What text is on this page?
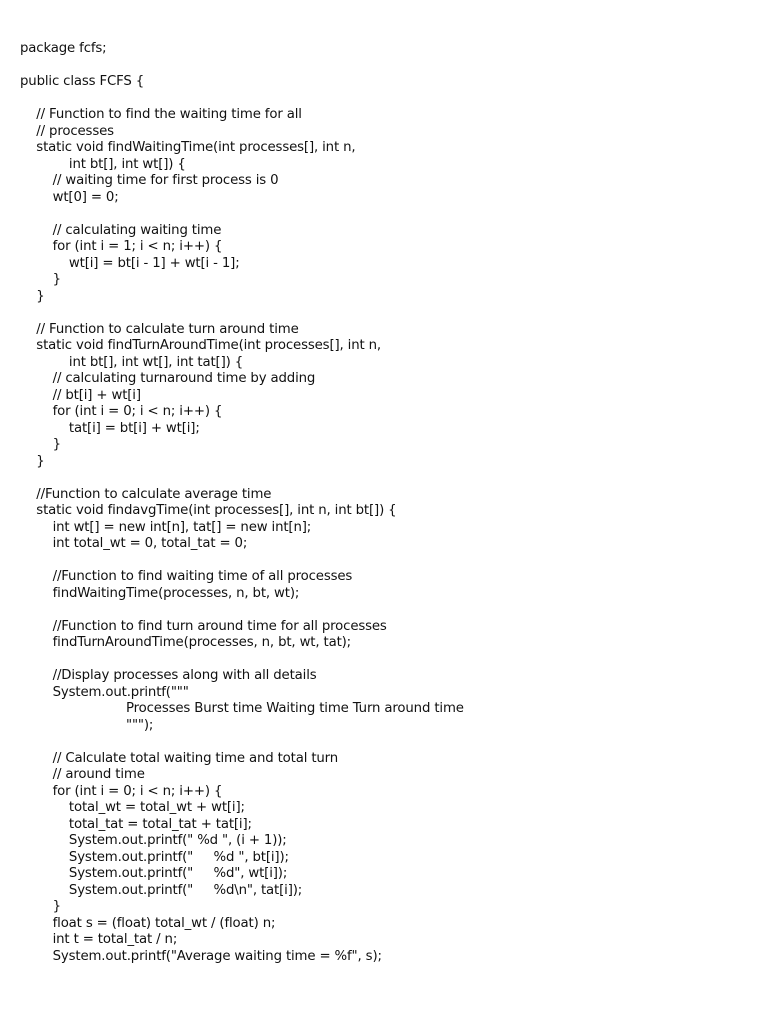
package fcfs;
public class FCFS {
// Function to find the waiting time for all
// processes
static void findWaitingTime(int processes[], int n,
int bt[], int wt[]) {
// waiting time for first process is 0
wt[0] = 0;
// calculating waiting time
for (int i = 1; i < n; i++) {
wt[i] = bt[i - 1] + wt[i - 1];
}
}
// Function to calculate turn around time
static void findTurnAroundTime(int processes[], int n,
int bt[], int wt[], int tat[]) {
// calculating turnaround time by adding
// bt[i] + wt[i]
for (int i = 0; i < n; i++) {
tat[i] = bt[i] + wt[i];
}
}
//Function to calculate average time
static void findavgTime(int processes[], int n, int bt[]) {
int wt[] = new int[n], tat[] = new int[n];
int total_wt = 0, total_tat = 0;
//Function to find waiting time of all processes
findWaitingTime(processes, n, bt, wt);
//Function to find turn around time for all processes
findTurnAroundTime(processes, n, bt, wt, tat);
//Display processes along with all details
System.out.printf("""
Processes Burst time Waiting time Turn around time
""");
// Calculate total waiting time and total turn
// around time
for (int i = 0; i < n; i++) {
total_wt = total_wt + wt[i];
total_tat = total_tat + tat[i];
System.out.printf(" %d ", (i + 1));
System.out.printf("     %d ", bt[i]);
System.out.printf("     %d", wt[i]);
System.out.printf("     %d\n", tat[i]);
}
float s = (float) total_wt / (float) n;
int t = total_tat / n;
System.out.printf("Average waiting time = %f", s);
